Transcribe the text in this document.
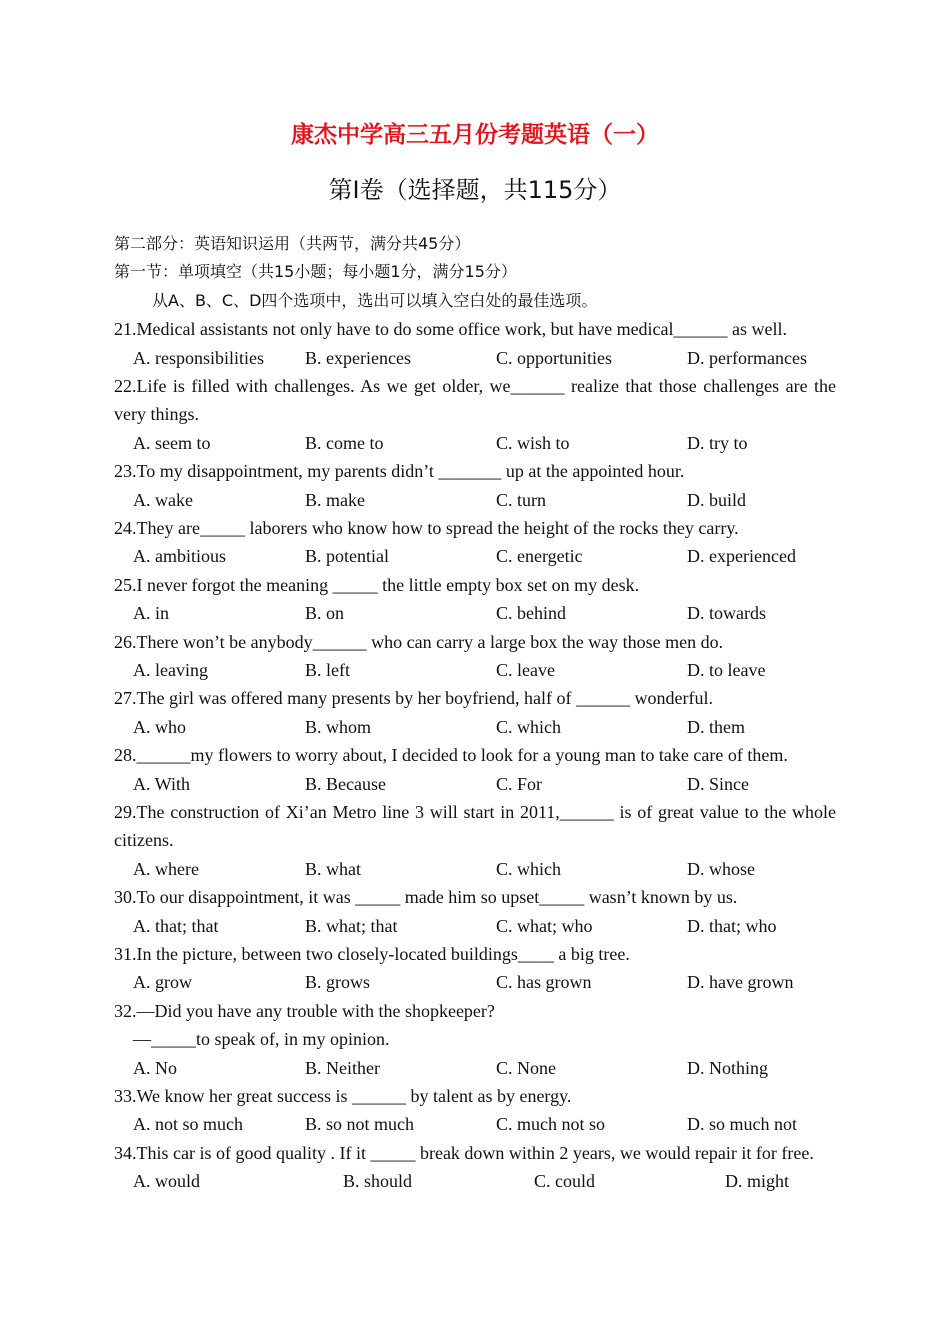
康杰中学高三五月份考题英语（一）
第Ⅰ卷（选择题，共115分）
第二部分：英语知识运用（共两节，满分共45分）
第一节：单项填空（共15小题；每小题1分，满分15分）
从A、B、C、D四个选项中，选出可以填入空白处的最佳选项。
21.Medical assistants not only have to do some office work, but have medical______ as well.
A. responsibilities B. experiences	C. opportunities	D. performances
22.Life is filled with challenges. As we get older, we______ realize that those challenges are the very things.
A. seem to	B. come to	C. wish to	D. try to
23.To my disappointment, my parents didn’t _______ up at the appointed hour.
A. wake	B. make	C. turn	D. build
24.They are_____ laborers who know how to spread the height of the rocks they carry.
A. ambitious	B. potential	C. energetic	D. experienced
25.I never forgot the meaning _____ the little empty box set on my desk.
A. in	B. on	C. behind	D. towards
26.There won’t be anybody______ who can carry a large box the way those men do.
A. leaving	B. left	C. leave	D. to leave
27.The girl was offered many presents by her boyfriend, half of ______ wonderful.
A. who	B. whom	C. which	D. them
28.______my flowers to worry about, I decided to look for a young man to take care of them.
A. With	B. Because	C. For	D. Since
29.The construction of Xi’an Metro line 3 will start in 2011,______ is of great value to the whole citizens.
A. where	B. what	C. which	D. whose
30.To our disappointment, it was _____ made him so upset_____ wasn’t known by us.
A. that; that	B. what; that	C. what; who	D. that; who
31.In the picture, between two closely-located buildings____ a big tree.
A. grow	B. grows	C. has grown	D. have grown
32.—Did you have any trouble with the shopkeeper?
—_____to speak of, in my opinion.
A. No	B. Neither	C. None	D. Nothing
33.We know her great success is ______ by talent as by energy.
A. not so much	B. so not much	C. much not so	D. so much not
34.This car is of good quality . If it _____ break down within 2 years, we would repair it for free.
A. would	B. should	C. could	D. might
